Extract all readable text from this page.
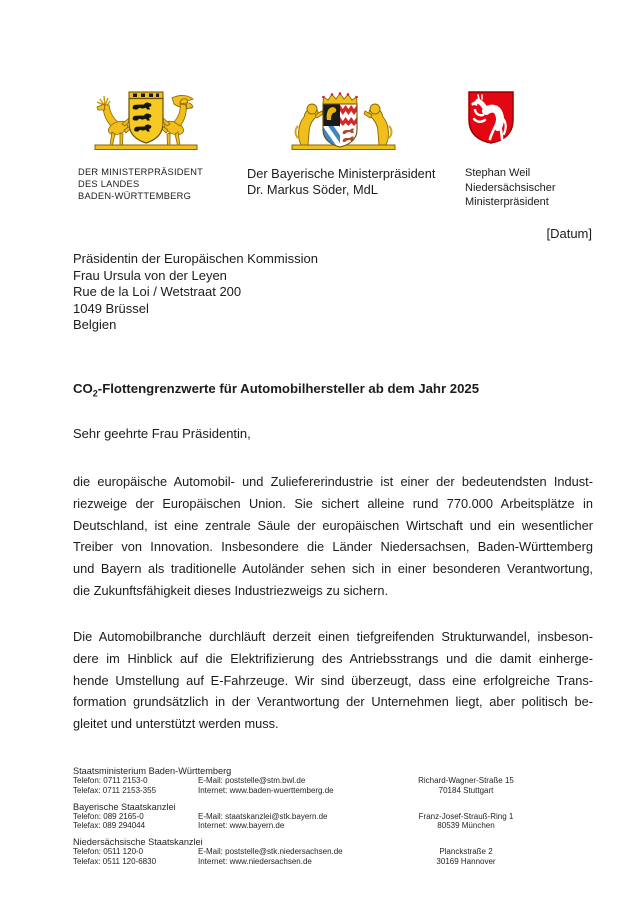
DER MINISTERPRÄSIDENT
DES LANDES
BADEN-WÜRTTEMBERG
Der Bayerische Ministerpräsident
Dr. Markus Söder, MdL
Stephan Weil
Niedersächsischer
Ministerpräsident
[Datum]
Präsidentin der Europäischen Kommission
Frau Ursula von der Leyen
Rue de la Loi / Wetstraat 200
1049 Brüssel
Belgien
$CO_2$-Flottengrenzwerte für Automobilhersteller ab dem Jahr 2025
Sehr geehrte Frau Präsidentin,
die europäische Automobil- und Zuliefererindustrie ist einer der bedeutendsten Indust-
riezweige der Europäischen Union. Sie sichert alleine rund 770.000 Arbeitsplätze in
Deutschland, ist eine zentrale Säule der europäischen Wirtschaft und ein wesentlicher
Treiber von Innovation. Insbesondere die Länder Niedersachsen, Baden-Württemberg
und Bayern als traditionelle Autoländer sehen sich in einer besonderen Verantwortung,
die Zukunftsfähigkeit dieses Industriezweigs zu sichern.
Die Automobilbranche durchläuft derzeit einen tiefgreifenden Strukturwandel, insbeson-
dere im Hinblick auf die Elektrifizierung des Antriebsstrangs und die damit einherge-
hende Umstellung auf E-Fahrzeuge. Wir sind überzeugt, dass eine erfolgreiche Trans-
formation grundsätzlich in der Verantwortung der Unternehmen liegt, aber politisch be-
gleitet und unterstützt werden muss.
Staatsministerium Baden-Württemberg
Telefon: 0711 2153-0	E-Mail: poststelle@stm.bwl.de	Richard-Wagner-Straße 15
Telefax: 0711 2153-355	Internet: www.baden-wuerttemberg.de	70184 Stuttgart
Bayerische Staatskanzlei
Telefon: 089 2165-0	E-Mail: staatskanzlei@stk.bayern.de	Franz-Josef-Strauß-Ring 1
Telefax: 089 294044	Internet: www.bayern.de	80539 München
Niedersächsische Staatskanzlei
Telefon: 0511 120-0	E-Mail: poststelle@stk.niedersachsen.de	Planckstraße 2
Telefax: 0511 120-6830	Internet: www.niedersachsen.de	30169 Hannover
